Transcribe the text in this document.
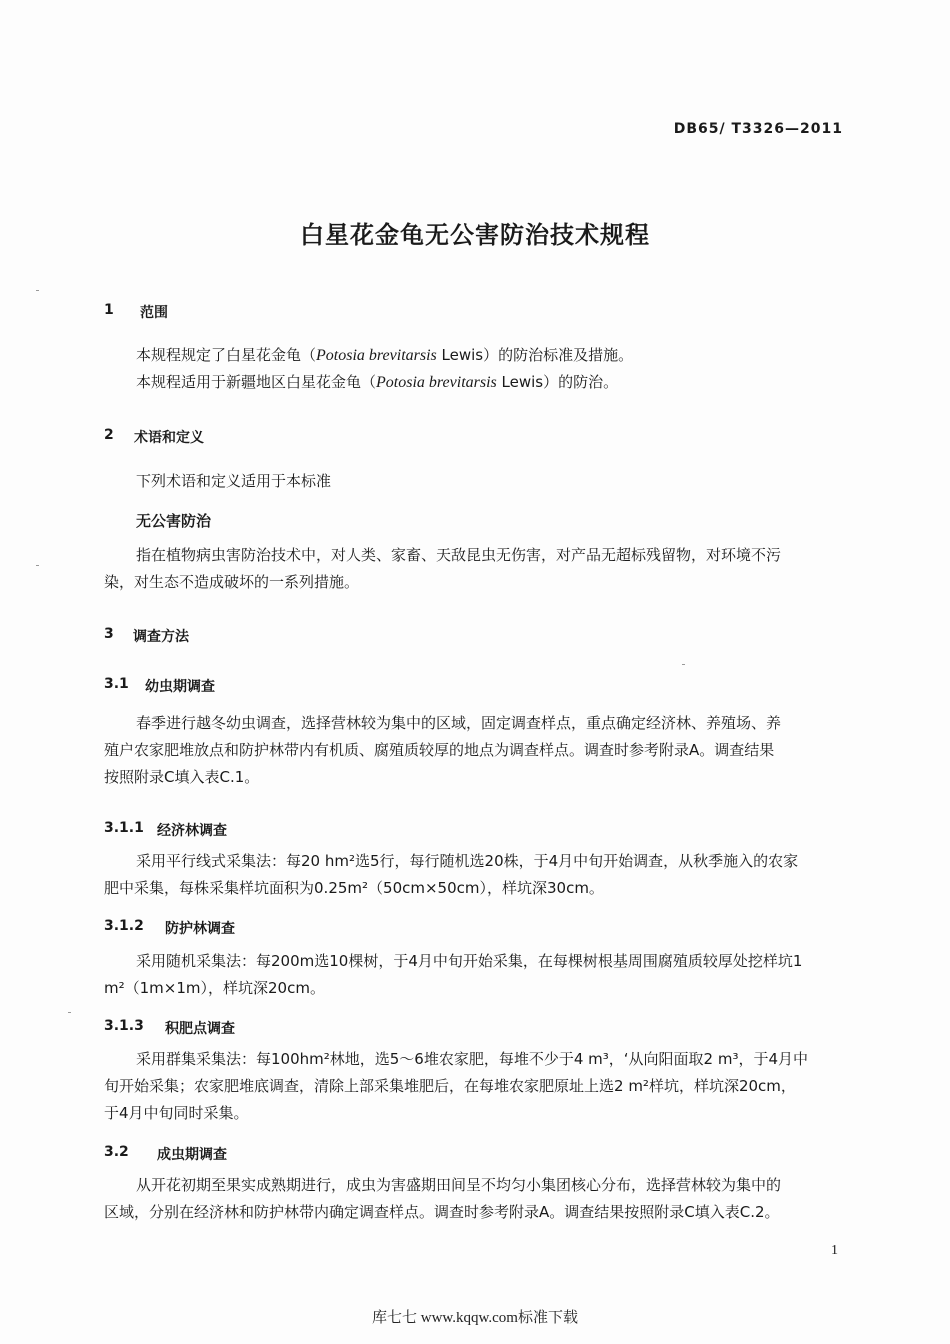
DB65/ T3326—2011
白星花金龟无公害防治技术规程
1 范围
本规程规定了白星花金龟（Potosia brevitarsis Lewis）的防治标准及措施。
本规程适用于新疆地区白星花金龟（Potosia brevitarsis Lewis）的防治。
2 术语和定义
下列术语和定义适用于本标准
无公害防治
指在植物病虫害防治技术中，对人类、家畜、天敌昆虫无伤害，对产品无超标残留物，对环境不污
染，对生态不造成破坏的一系列措施。
3 调查方法
3.1 幼虫期调查
春季进行越冬幼虫调查，选择营林较为集中的区域，固定调查样点，重点确定经济林、养殖场、养
殖户农家肥堆放点和防护林带内有机质、腐殖质较厚的地点为调查样点。调查时参考附录A。调查结果
按照附录C填入表C.1。
3.1.1 经济林调查
采用平行线式采集法：每20 hm²选5行，每行随机选20株，于4月中旬开始调查，从秋季施入的农家
肥中采集，每株采集样坑面积为0.25m²（50cm×50cm），样坑深30cm。
3.1.2 防护林调查
采用随机采集法：每200m选10棵树，于4月中旬开始采集，在每棵树根基周围腐殖质较厚处挖样坑1
m²（1m×1m），样坑深20cm。
3.1.3 积肥点调查
采用群集采集法：每100hm²林地，选5～6堆农家肥，每堆不少于4 m³，‘从向阳面取2 m³，于4月中
旬开始采集；农家肥堆底调查，清除上部采集堆肥后，在每堆农家肥原址上选2 m²样坑，样坑深20cm，
于4月中旬同时采集。
3.2 成虫期调查
从开花初期至果实成熟期进行，成虫为害盛期田间呈不均匀小集团核心分布，选择营林较为集中的
区域，分别在经济林和防护林带内确定调查样点。调查时参考附录A。调查结果按照附录C填入表C.2。
1
库七七 www.kqqw.com标准下载
